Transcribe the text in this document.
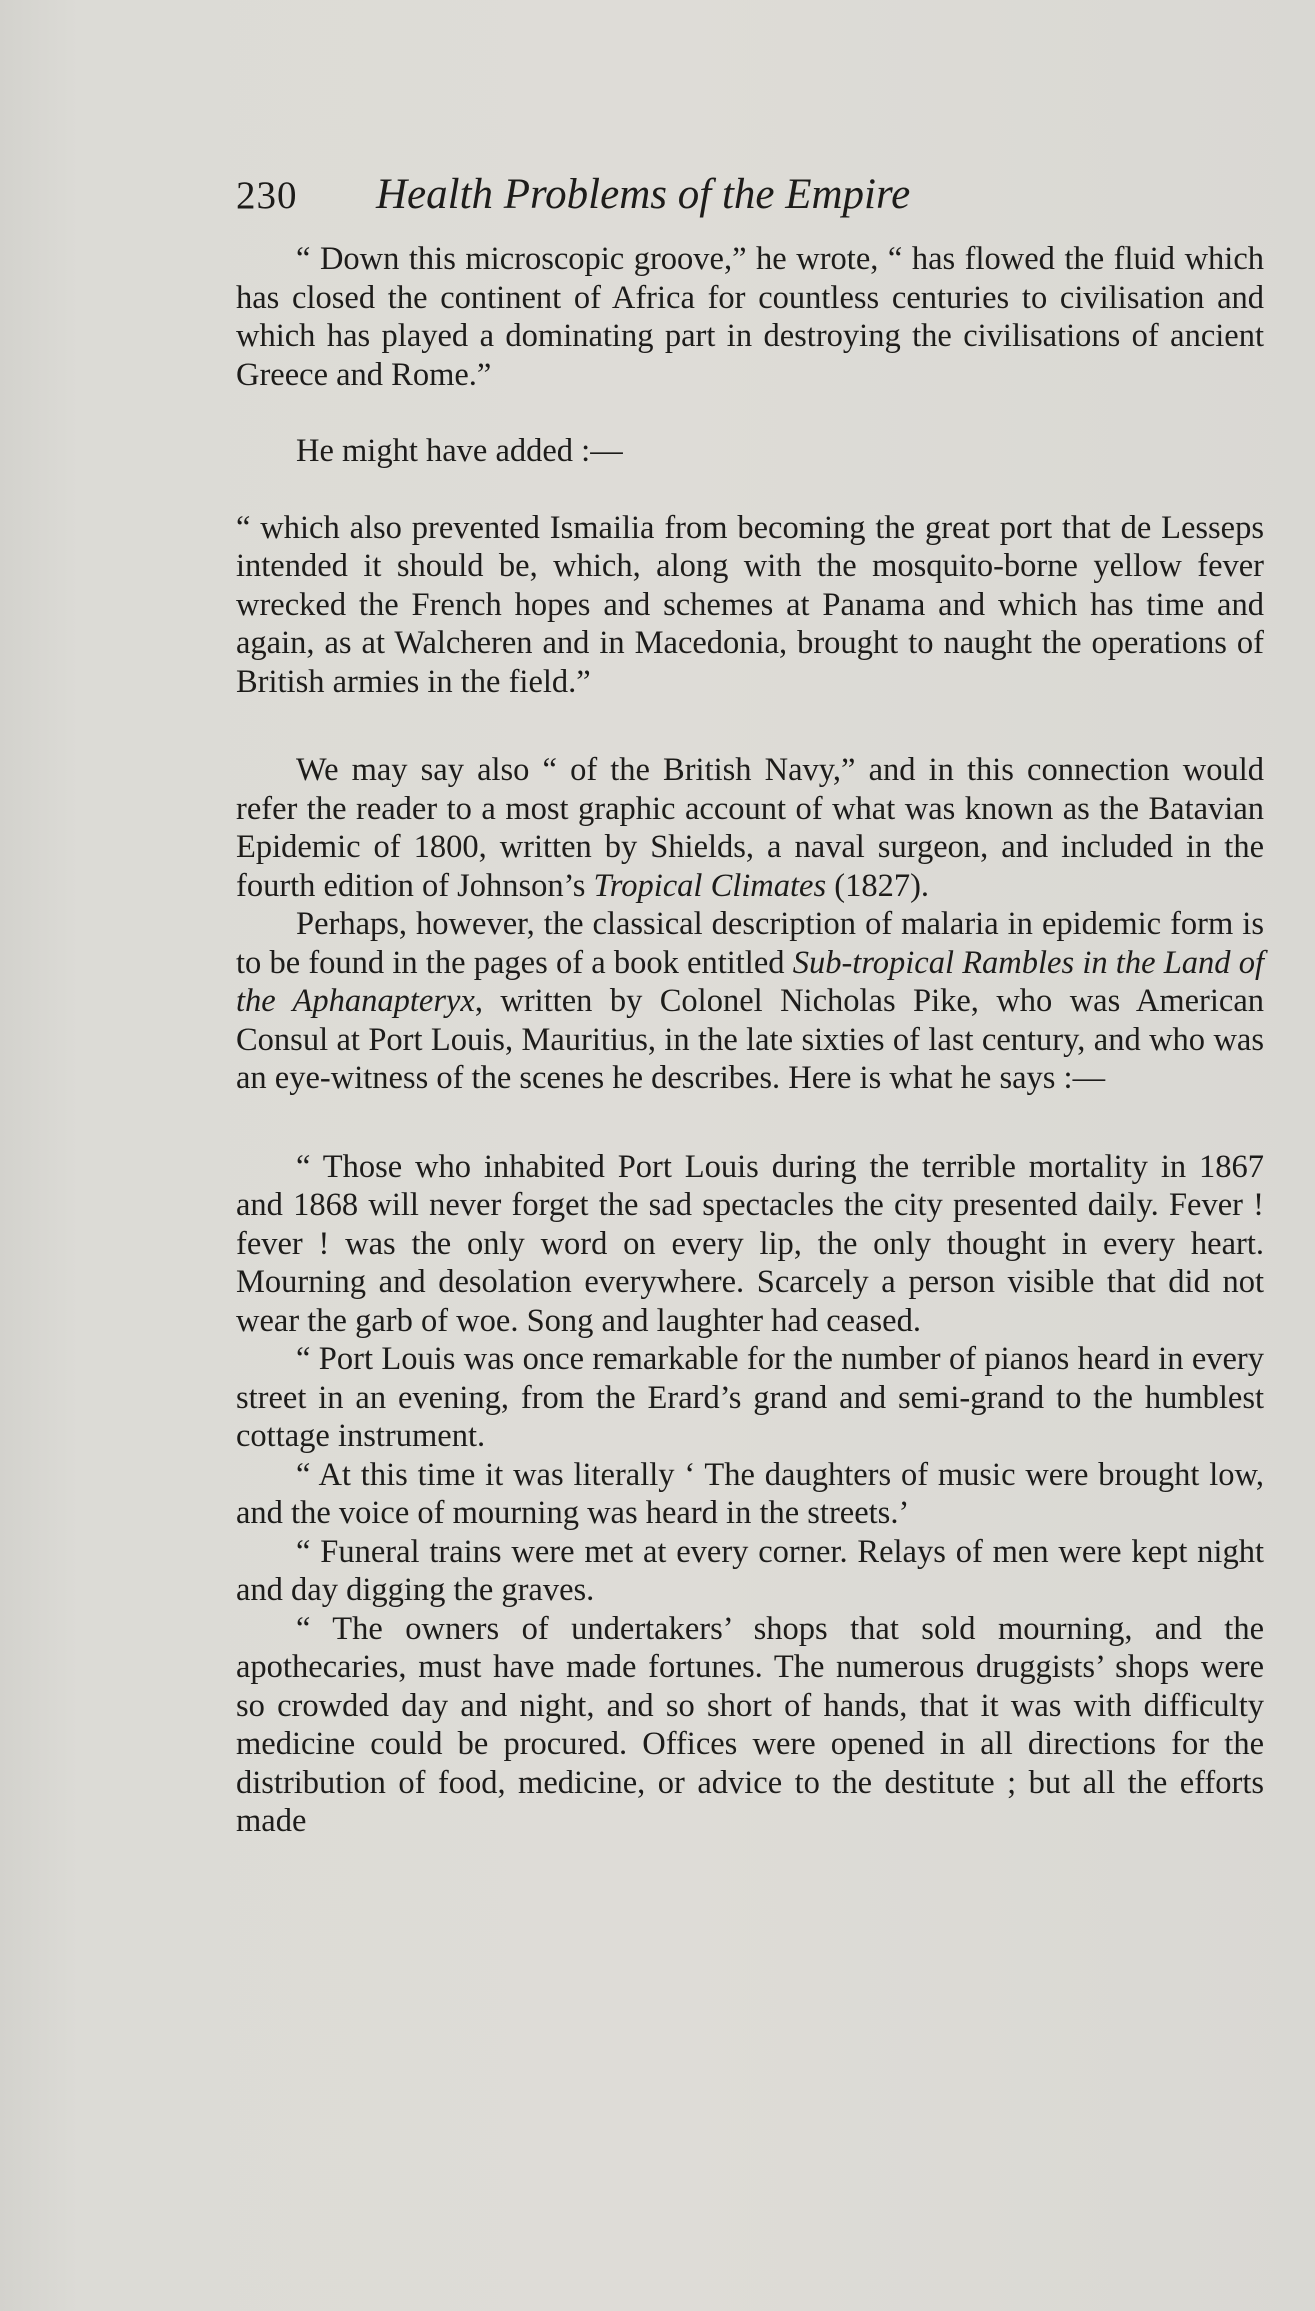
230	Health Problems of the Empire

“ Down this microscopic groove,” he wrote, “ has flowed the fluid which has closed the continent of Africa for countless centuries to civilisation and which has played a dominating part in destroying the civilisations of ancient Greece and Rome.”

He might have added :—

“ which also prevented Ismailia from becoming the great port that de Lesseps intended it should be, which, along with the mosquito-borne yellow fever wrecked the French hopes and schemes at Panama and which has time and again, as at Walcheren and in Macedonia, brought to naught the operations of British armies in the field.”

We may say also “ of the British Navy,” and in this connection would refer the reader to a most graphic account of what was known as the Batavian Epidemic of 1800, written by Shields, a naval surgeon, and included in the fourth edition of Johnson’s Tropical Climates (1827).

Perhaps, however, the classical description of malaria in epidemic form is to be found in the pages of a book entitled Sub-tropical Rambles in the Land of the Aphanapteryx, written by Colonel Nicholas Pike, who was American Consul at Port Louis, Mauritius, in the late sixties of last century, and who was an eye-witness of the scenes he describes. Here is what he says :—

“ Those who inhabited Port Louis during the terrible mortality in 1867 and 1868 will never forget the sad spectacles the city presented daily. Fever ! fever ! was the only word on every lip, the only thought in every heart. Mourning and desolation everywhere. Scarcely a person visible that did not wear the garb of woe. Song and laughter had ceased.

“ Port Louis was once remarkable for the number of pianos heard in every street in an evening, from the Erard’s grand and semi-grand to the humblest cottage instrument.

“ At this time it was literally ‘ The daughters of music were brought low, and the voice of mourning was heard in the streets.’

“ Funeral trains were met at every corner. Relays of men were kept night and day digging the graves.

“ The owners of undertakers’ shops that sold mourning, and the apothecaries, must have made fortunes. The numerous druggists’ shops were so crowded day and night, and so short of hands, that it was with difficulty medicine could be procured. Offices were opened in all directions for the distribution of food, medicine, or advice to the destitute ; but all the efforts made
